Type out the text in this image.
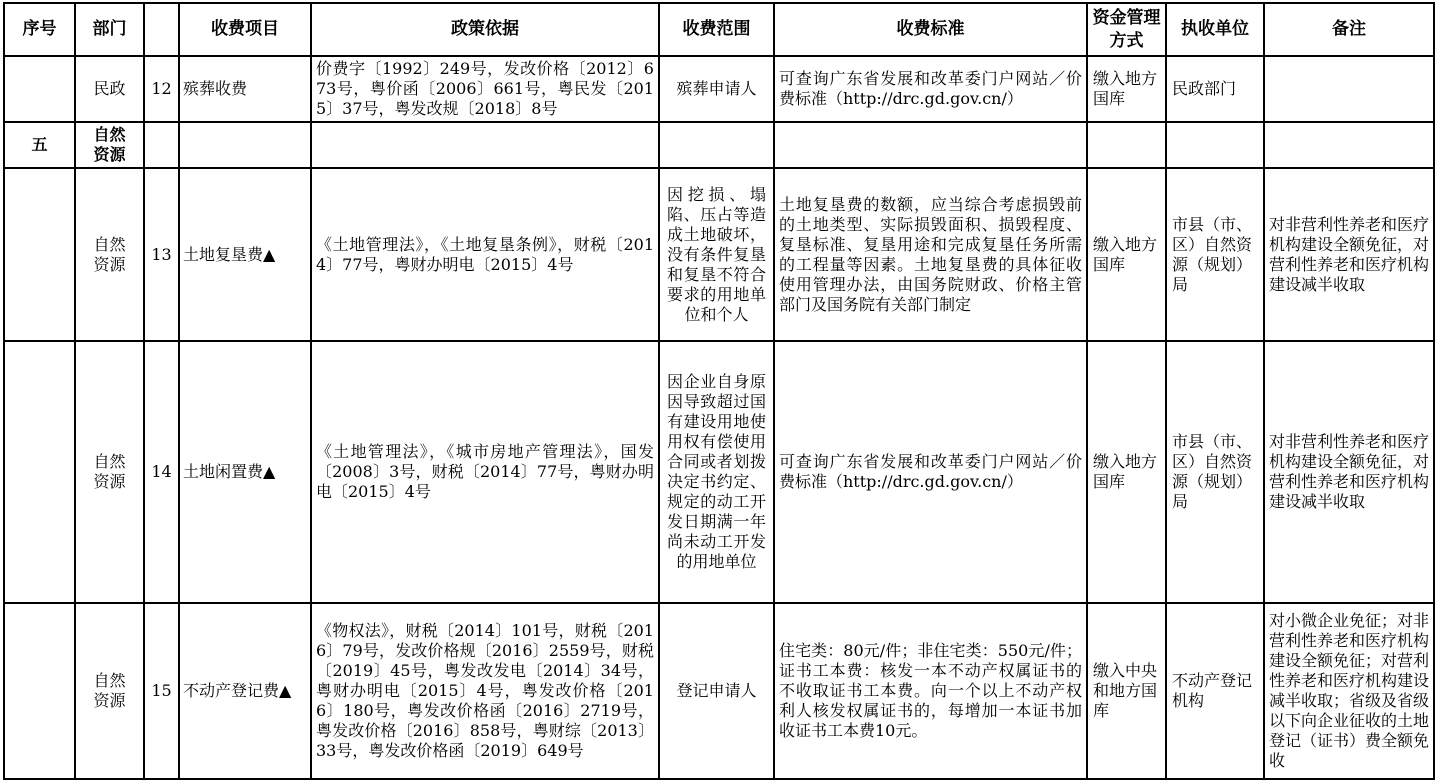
序号	部门		收费项目	政策依据	收费范围	收费标准	资金管理方式	执收单位	备注
	民政	12	殡葬收费	价费字〔1992〕249号，发改价格〔2012〕673号，粤价函〔2006〕661号，粤民发〔2015〕37号，粤发改规〔2018〕8号	殡葬申请人	可查询广东省发展和改革委门户网站／价费标准（http://drc.gd.gov.cn/）	缴入地方国库	民政部门	
五	自然资源								
	自然资源	13	土地复垦费▲	《土地管理法》，《土地复垦条例》，财税〔2014〕77号，粤财办明电〔2015〕4号	因挖损、塌陷、压占等造成土地破坏，没有条件复垦和复垦不符合要求的用地单位和个人	土地复垦费的数额，应当综合考虑损毁前的土地类型、实际损毁面积、损毁程度、复垦标准、复垦用途和完成复垦任务所需的工程量等因素。土地复垦费的具体征收使用管理办法，由国务院财政、价格主管部门及国务院有关部门制定	缴入地方国库	市县（市、区）自然资源（规划）局	对非营利性养老和医疗机构建设全额免征，对营利性养老和医疗机构建设减半收取
	自然资源	14	土地闲置费▲	《土地管理法》，《城市房地产管理法》，国发〔2008〕3号，财税〔2014〕77号，粤财办明电〔2015〕4号	因企业自身原因导致超过国有建设用地使用权有偿使用合同或者划拨决定书约定、规定的动工开发日期满一年尚未动工开发的用地单位	可查询广东省发展和改革委门户网站／价费标准（http://drc.gd.gov.cn/）	缴入地方国库	市县（市、区）自然资源（规划）局	对非营利性养老和医疗机构建设全额免征，对营利性养老和医疗机构建设减半收取
	自然资源	15	不动产登记费▲	《物权法》，财税〔2014〕101号，财税〔2016〕79号，发改价格规〔2016〕2559号，财税〔2019〕45号，粤发改发电〔2014〕34号，粤财办明电〔2015〕4号，粤发改价格〔2016〕180号，粤发改价格函〔2016〕2719号，粤发改价格〔2016〕858号，粤财综〔2013〕33号，粤发改价格函〔2019〕649号	登记申请人	住宅类：80元/件；非住宅类：550元/件；证书工本费：核发一本不动产权属证书的不收取证书工本费。向一个以上不动产权利人核发权属证书的，每增加一本证书加收证书工本费10元。	缴入中央和地方国库	不动产登记机构	对小微企业免征；对非营利性养老和医疗机构建设全额免征；对营利性养老和医疗机构建设减半收取；省级及省级以下向企业征收的土地登记（证书）费全额免收
